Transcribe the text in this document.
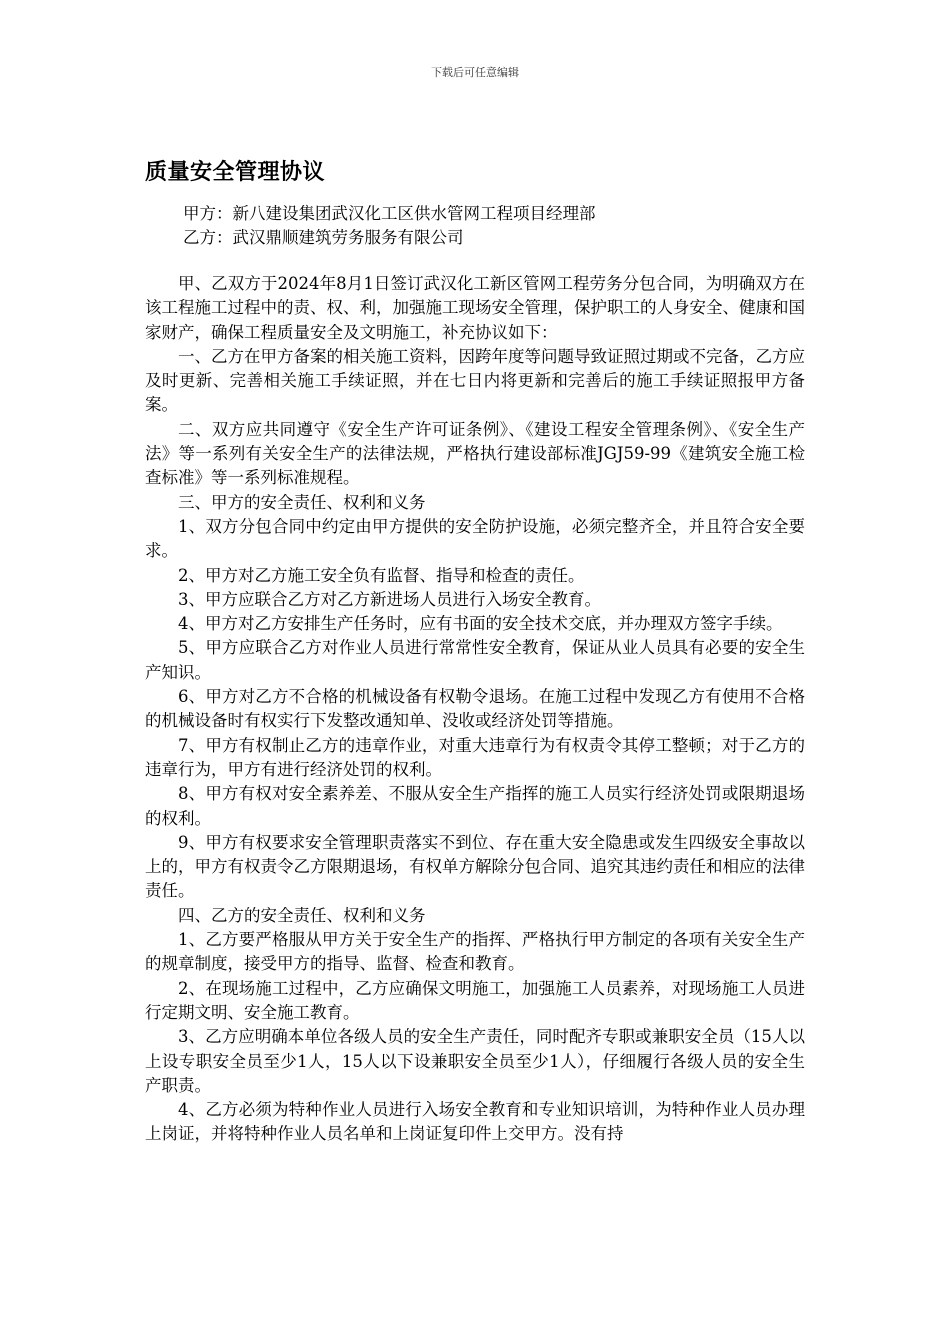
下载后可任意编辑
质量安全管理协议
甲方：新八建设集团武汉化工区供水管网工程项目经理部
乙方：武汉鼎顺建筑劳务服务有限公司

甲、乙双方于2024年8月1日签订武汉化工新区管网工程劳务分包合同，为明确双方在该工程施工过程中的责、权、利，加强施工现场安全管理，保护职工的人身安全、健康和国家财产，确保工程质量安全及文明施工，补充协议如下：

一、乙方在甲方备案的相关施工资料，因跨年度等问题导致证照过期或不完备，乙方应及时更新、完善相关施工手续证照，并在七日内将更新和完善后的施工手续证照报甲方备案。

二、双方应共同遵守《安全生产许可证条例》、《建设工程安全管理条例》、《安全生产法》等一系列有关安全生产的法律法规，严格执行建设部标准JGJ59-99《建筑安全施工检查标准》等一系列标准规程。

三、甲方的安全责任、权利和义务

1、双方分包合同中约定由甲方提供的安全防护设施，必须完整齐全，并且符合安全要求。

2、甲方对乙方施工安全负有监督、指导和检查的责任。

3、甲方应联合乙方对乙方新进场人员进行入场安全教育。

4、甲方对乙方安排生产任务时，应有书面的安全技术交底，并办理双方签字手续。

5、甲方应联合乙方对作业人员进行常常性安全教育，保证从业人员具有必要的安全生产知识。

6、甲方对乙方不合格的机械设备有权勒令退场。在施工过程中发现乙方有使用不合格的机械设备时有权实行下发整改通知单、没收或经济处罚等措施。

7、甲方有权制止乙方的违章作业，对重大违章行为有权责令其停工整顿；对于乙方的违章行为，甲方有进行经济处罚的权利。

8、甲方有权对安全素养差、不服从安全生产指挥的施工人员实行经济处罚或限期退场的权利。

9、甲方有权要求安全管理职责落实不到位、存在重大安全隐患或发生四级安全事故以上的，甲方有权责令乙方限期退场，有权单方解除分包合同、追究其违约责任和相应的法律责任。

四、乙方的安全责任、权利和义务

1、乙方要严格服从甲方关于安全生产的指挥、严格执行甲方制定的各项有关安全生产的规章制度，接受甲方的指导、监督、检查和教育。

2、在现场施工过程中，乙方应确保文明施工，加强施工人员素养，对现场施工人员进行定期文明、安全施工教育。

3、乙方应明确本单位各级人员的安全生产责任，同时配齐专职或兼职安全员（15人以上设专职安全员至少1人，15人以下设兼职安全员至少1人），仔细履行各级人员的安全生产职责。

4、乙方必须为特种作业人员进行入场安全教育和专业知识培训，为特种作业人员办理上岗证，并将特种作业人员名单和上岗证复印件上交甲方。没有持
